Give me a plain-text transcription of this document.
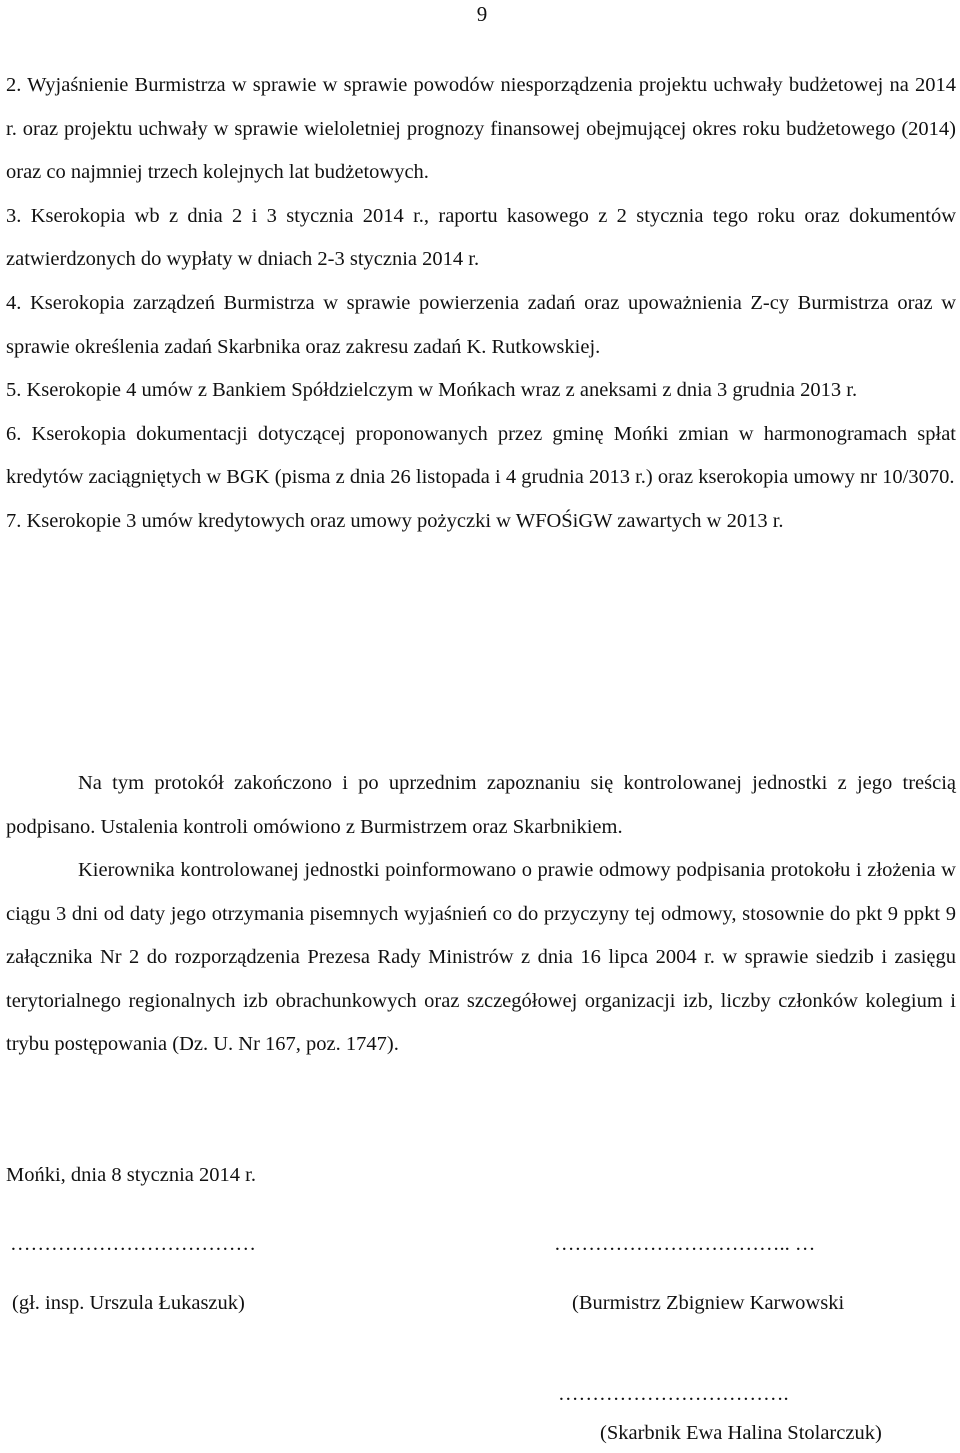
9

2. Wyjaśnienie Burmistrza w sprawie w sprawie powodów niesporządzenia projektu uchwały budżetowej na 2014 r. oraz projektu uchwały w sprawie wieloletniej prognozy finansowej obejmującej okres roku budżetowego (2014) oraz co najmniej trzech kolejnych lat budżetowych.

3. Kserokopia wb z dnia 2 i 3 stycznia 2014 r., raportu kasowego z 2 stycznia tego roku oraz dokumentów zatwierdzonych do wypłaty w dniach 2-3 stycznia 2014 r.

4. Kserokopia zarządzeń Burmistrza w sprawie powierzenia zadań oraz upoważnienia Z-cy Burmistrza oraz w sprawie określenia zadań Skarbnika oraz zakresu zadań K. Rutkowskiej.

5. Kserokopie 4 umów z Bankiem Spółdzielczym w Mońkach wraz z aneksami z dnia 3 grudnia 2013 r.

6. Kserokopia dokumentacji dotyczącej proponowanych przez gminę Mońki zmian w harmonogramach spłat kredytów zaciągniętych w BGK (pisma z dnia 26 listopada i 4 grudnia 2013 r.) oraz kserokopia umowy nr 10/3070.

7. Kserokopie 3 umów kredytowych oraz umowy pożyczki w WFOŚiGW zawartych w 2013 r.

Na tym protokół zakończono i po uprzednim zapoznaniu się kontrolowanej jednostki z jego treścią podpisano. Ustalenia kontroli omówiono z Burmistrzem oraz Skarbnikiem.
Kierownika kontrolowanej jednostki poinformowano o prawie odmowy podpisania protokołu i złożenia w ciągu 3 dni od daty jego otrzymania pisemnych wyjaśnień co do przyczyny tej odmowy, stosownie do pkt 9 ppkt 9 załącznika Nr 2 do rozporządzenia Prezesa Rady Ministrów z dnia 16 lipca 2004 r. w sprawie siedzib i zasięgu terytorialnego regionalnych izb obrachunkowych oraz szczegółowej organizacji izb, liczby członków kolegium i trybu postępowania (Dz. U. Nr 167, poz. 1747).
Mońki, dnia 8 stycznia 2014 r.
………………………………	…………………………….. …
(gł. insp. Urszula Łukaszuk)	(Burmistrz Zbigniew Karwowski
…………………………….
(Skarbnik Ewa Halina Stolarczuk)
